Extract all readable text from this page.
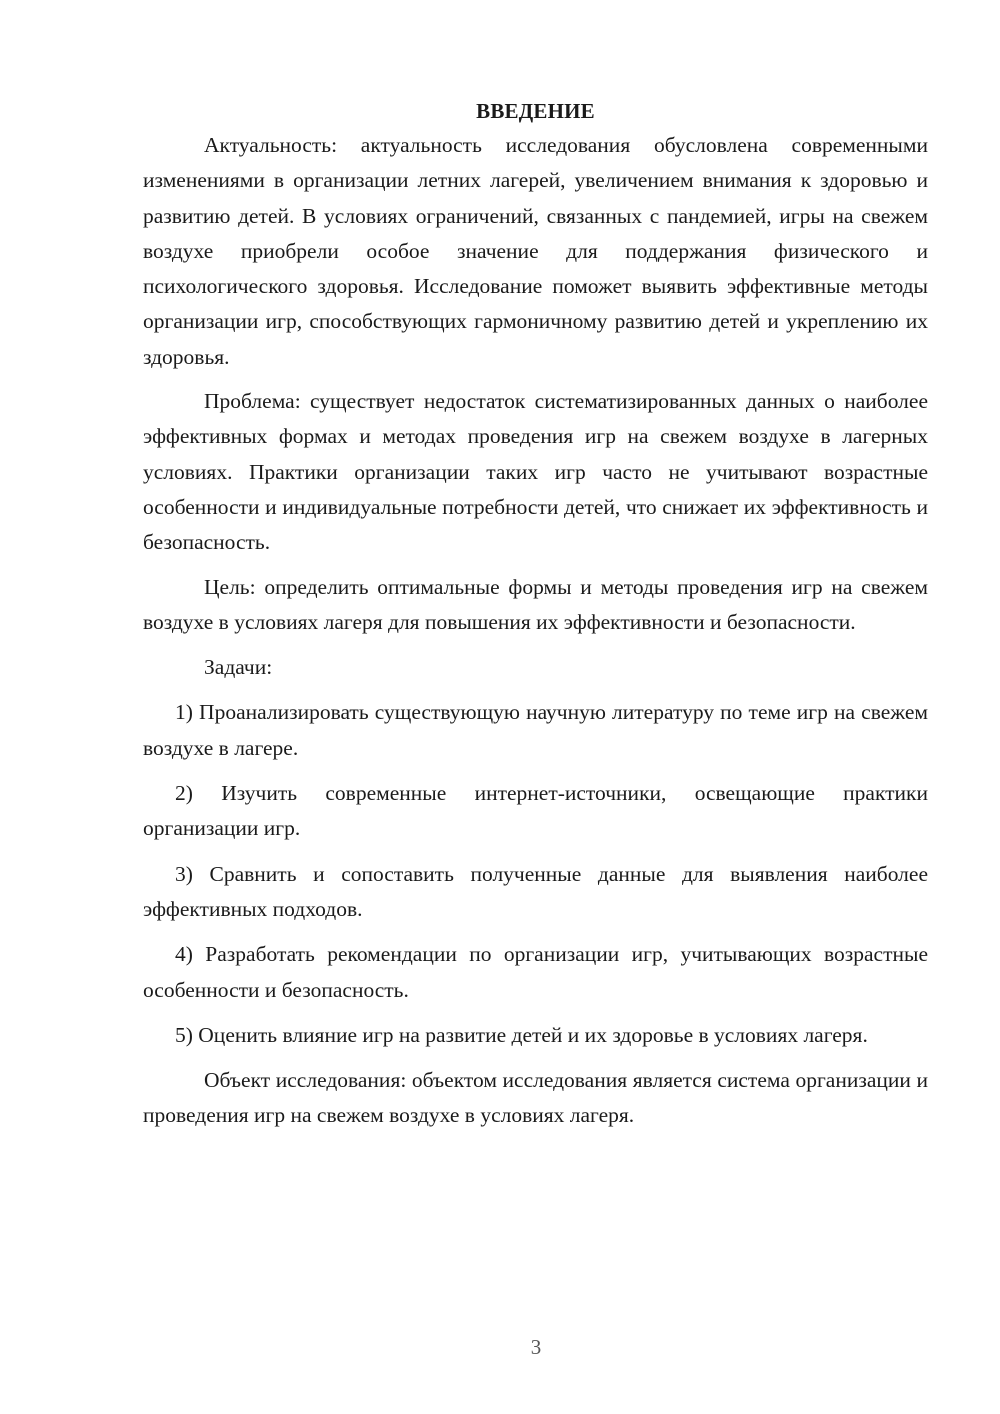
ВВЕДЕНИЕ

Актуальность: актуальность исследования обусловлена современными изменениями в организации летних лагерей, увеличением внимания к здоровью и развитию детей. В условиях ограничений, связанных с пандемией, игры на свежем воздухе приобрели особое значение для поддержания физического и психологического здоровья. Исследование поможет выявить эффективные методы организации игр, способствующих гармоничному развитию детей и укреплению их здоровья.

Проблема: существует недостаток систематизированных данных о наиболее эффективных формах и методах проведения игр на свежем воздухе в лагерных условиях. Практики организации таких игр часто не учитывают возрастные особенности и индивидуальные потребности детей, что снижает их эффективность и безопасность.

Цель: определить оптимальные формы и методы проведения игр на свежем воздухе в условиях лагеря для повышения их эффективности и безопасности.

Задачи:

1) Проанализировать существующую научную литературу по теме игр на свежем воздухе в лагере.

2) Изучить современные интернет-источники, освещающие практики организации игр.

3) Сравнить и сопоставить полученные данные для выявления наиболее эффективных подходов.

4) Разработать рекомендации по организации игр, учитывающих возрастные особенности и безопасность.

5) Оценить влияние игр на развитие детей и их здоровье в условиях лагеря.

Объект исследования: объектом исследования является система организации и проведения игр на свежем воздухе в условиях лагеря.

3
